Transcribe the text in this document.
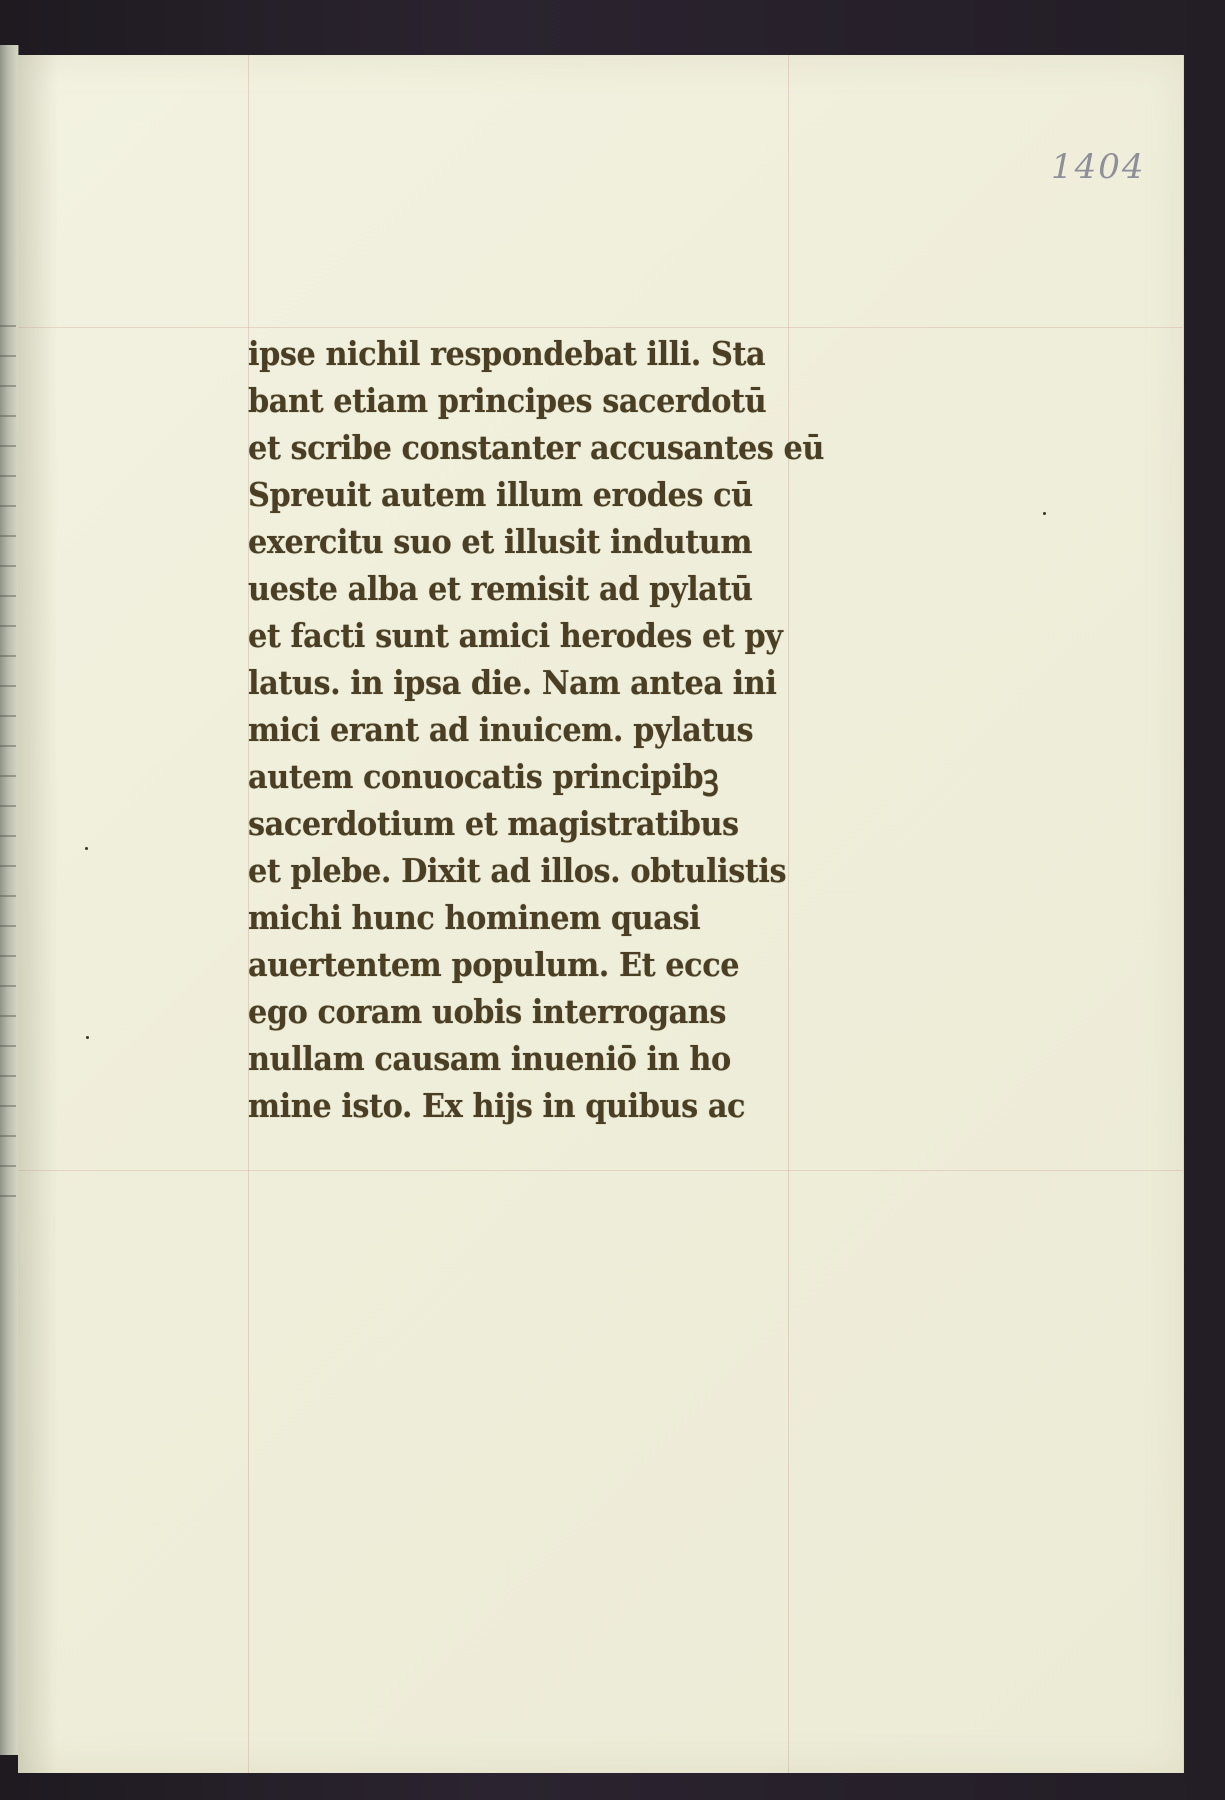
1404
ipse nichil respondebat illi. Sta
bant etiam principes sacerdotū
et scribe constanter accusantes eū
Spreuit autem illum erodes cū
exercitu suo et illusit indutum
ueste alba et remisit ad pylatū
et facti sunt amici herodes et py
latus. in ipsa die. Nam antea ini
mici erant ad inuicem. pylatus
autem conuocatis principibꝫ
sacerdotium et magistratibus
et plebe. Dixit ad illos. obtulistis
michi hunc hominem quasi
auertentem populum. Et ecce
ego coram uobis interrogans
nullam causam inueniō in ho
mine isto. Ex hijs in quibus ac
